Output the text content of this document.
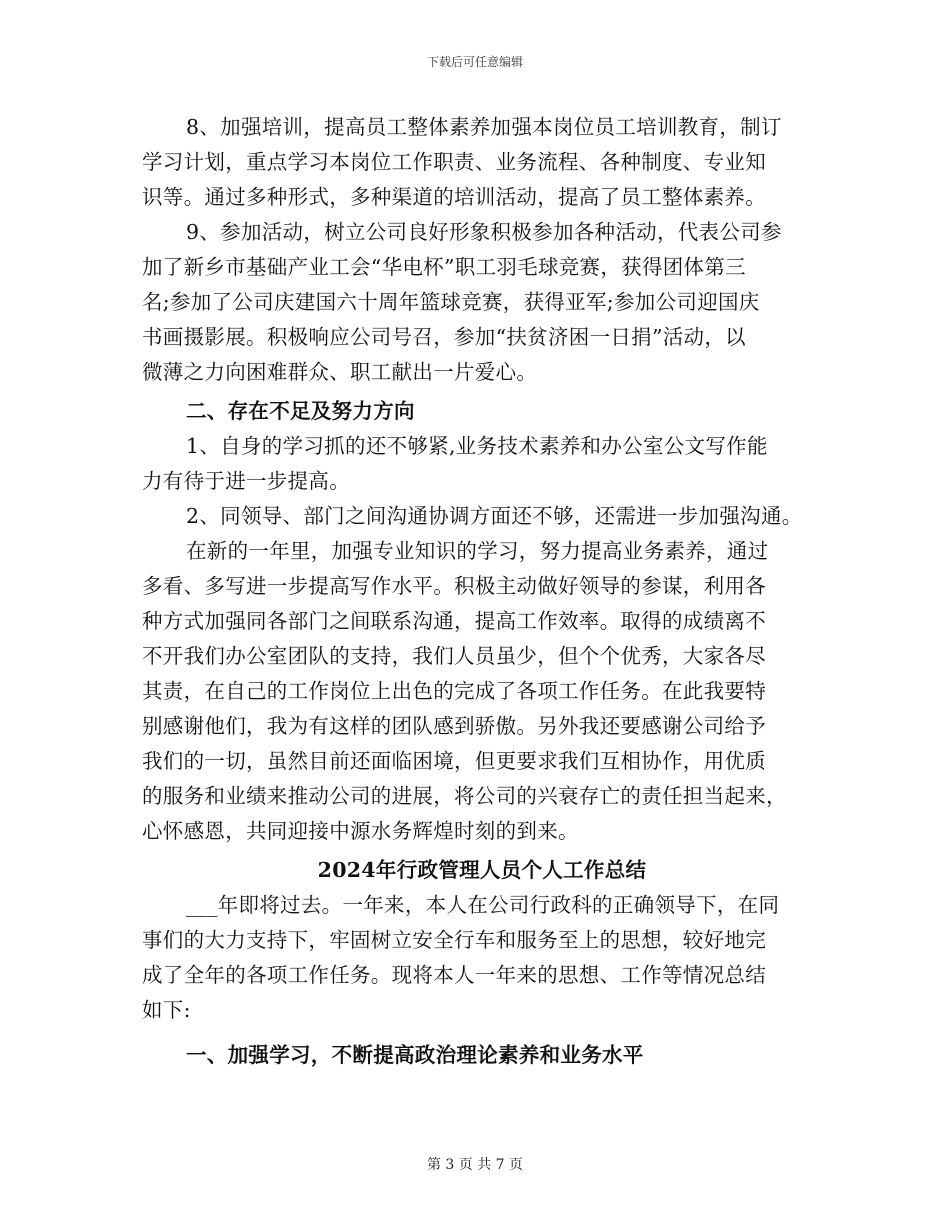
下载后可任意编辑
8、加强培训，提高员工整体素养加强本岗位员工培训教育，制订
学习计划，重点学习本岗位工作职责、业务流程、各种制度、专业知
识等。通过多种形式，多种渠道的培训活动，提高了员工整体素养。
9、参加活动，树立公司良好形象积极参加各种活动，代表公司参
加了新乡市基础产业工会“华电杯”职工羽毛球竞赛，获得团体第三
名;参加了公司庆建国六十周年篮球竞赛，获得亚军;参加公司迎国庆
书画摄影展。积极响应公司号召，参加“扶贫济困一日捐”活动，以
微薄之力向困难群众、职工献出一片爱心。
二、存在不足及努力方向
1、自身的学习抓的还不够紧,业务技术素养和办公室公文写作能
力有待于进一步提高。
2、同领导、部门之间沟通协调方面还不够，还需进一步加强沟通。
在新的一年里，加强专业知识的学习，努力提高业务素养，通过
多看、多写进一步提高写作水平。积极主动做好领导的参谋，利用各
种方式加强同各部门之间联系沟通，提高工作效率。取得的成绩离不
不开我们办公室团队的支持，我们人员虽少，但个个优秀，大家各尽
其责，在自己的工作岗位上出色的完成了各项工作任务。在此我要特
别感谢他们，我为有这样的团队感到骄傲。另外我还要感谢公司给予
我们的一切，虽然目前还面临困境，但更要求我们互相协作，用优质
的服务和业绩来推动公司的进展，将公司的兴衰存亡的责任担当起来，
心怀感恩，共同迎接中源水务辉煌时刻的到来。
2024年行政管理人员个人工作总结
___年即将过去。一年来，本人在公司行政科的正确领导下，在同
事们的大力支持下，牢固树立安全行车和服务至上的思想，较好地完
成了全年的各项工作任务。现将本人一年来的思想、工作等情况总结
如下:
一、加强学习，不断提高政治理论素养和业务水平
第 3 页 共 7 页
